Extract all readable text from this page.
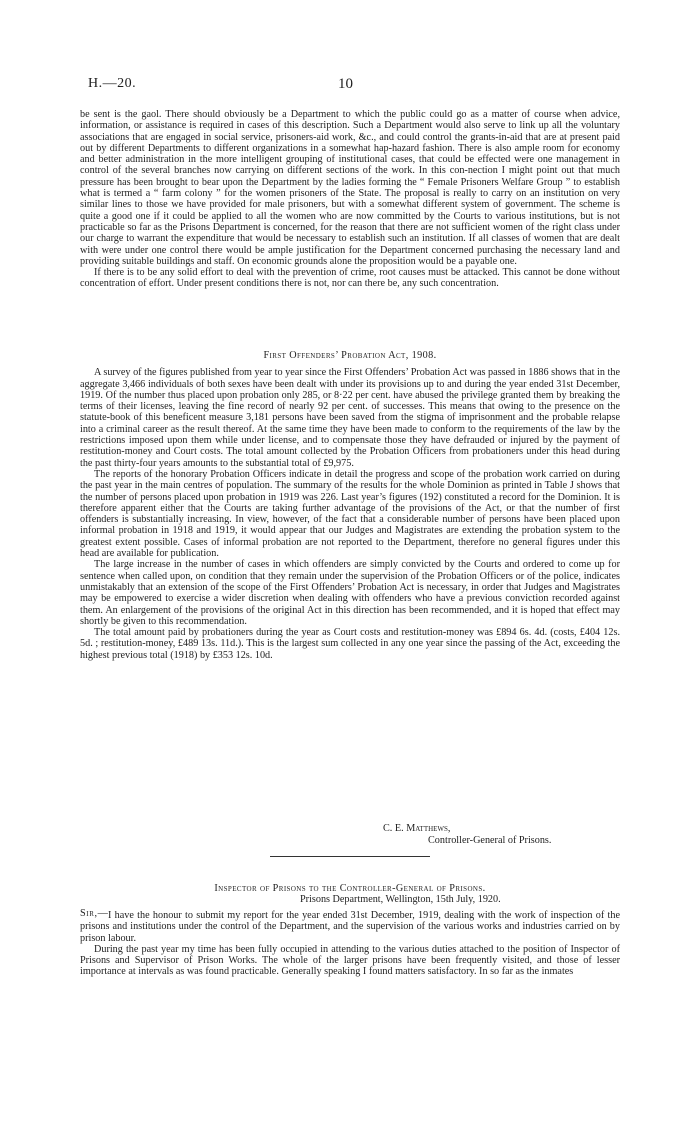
H.—20.	10

be sent is the gaol. There should obviously be a Department to which the public could go as a matter of course when advice, information, or assistance is required in cases of this description. Such a Department would also serve to link up all the voluntary associations that are engaged in social service, prisoners-aid work, &c., and could control the grants-in-aid that are at present paid out by different Departments to different organizations in a somewhat hap-hazard fashion. There is also ample room for economy and better administration in the more intelligent grouping of institutional cases, that could be effected were one management in control of the several branches now carrying on different sections of the work. In this con-nection I might point out that much pressure has been brought to bear upon the Department by the ladies forming the “ Female Prisoners Welfare Group ” to establish what is termed a “ farm colony ” for the women prisoners of the State. The proposal is really to carry on an institution on very similar lines to those we have provided for male prisoners, but with a somewhat different system of government. The scheme is quite a good one if it could be applied to all the women who are now committed by the Courts to various institutions, but is not practicable so far as the Prisons Department is concerned, for the reason that there are not sufficient women of the right class under our charge to warrant the expenditure that would be necessary to establish such an institution. If all classes of women that are dealt with were under one control there would be ample justification for the Department concerned purchasing the necessary land and providing suitable buildings and staff. On economic grounds alone the proposition would be a payable one.

If there is to be any solid effort to deal with the prevention of crime, root causes must be attacked. This cannot be done without concentration of effort. Under present conditions there is not, nor can there be, any such concentration.

First Offenders’ Probation Act, 1908.

A survey of the figures published from year to year since the First Offenders’ Probation Act was passed in 1886 shows that in the aggregate 3,466 individuals of both sexes have been dealt with under its provisions up to and during the year ended 31st December, 1919. Of the number thus placed upon probation only 285, or 8·22 per cent. have abused the privilege granted them by breaking the terms of their licenses, leaving the fine record of nearly 92 per cent. of successes. This means that owing to the presence on the statute-book of this beneficent measure 3,181 persons have been saved from the stigma of imprisonment and the probable relapse into a criminal career as the result thereof. At the same time they have been made to conform to the requirements of the law by the restrictions imposed upon them while under license, and to compensate those they have defrauded or injured by the payment of restitution-money and Court costs. The total amount collected by the Probation Officers from probationers under this head during the past thirty-four years amounts to the substantial total of £9,975.

The reports of the honorary Probation Officers indicate in detail the progress and scope of the probation work carried on during the past year in the main centres of population. The summary of the results for the whole Dominion as printed in Table J shows that the number of persons placed upon probation in 1919 was 226. Last year’s figures (192) constituted a record for the Dominion. It is therefore apparent either that the Courts are taking further advantage of the provisions of the Act, or that the number of first offenders is substantially increasing. In view, however, of the fact that a considerable number of persons have been placed upon informal probation in 1918 and 1919, it would appear that our Judges and Magistrates are extending the probation system to the greatest extent possible. Cases of informal probation are not reported to the Department, therefore no general figures under this head are available for publication.

The large increase in the number of cases in which offenders are simply convicted by the Courts and ordered to come up for sentence when called upon, on condition that they remain under the supervision of the Probation Officers or of the police, indicates unmistakably that an extension of the scope of the First Offenders’ Probation Act is necessary, in order that Judges and Magistrates may be empowered to exercise a wider discretion when dealing with offenders who have a previous conviction recorded against them. An enlargement of the provisions of the original Act in this direction has been recommended, and it is hoped that effect may shortly be given to this recommendation.

The total amount paid by probationers during the year as Court costs and restitution-money was £894 6s. 4d. (costs, £404 12s. 5d. ; restitution-money, £489 13s. 11d.). This is the largest sum collected in any one year since the passing of the Act, exceeding the highest previous total (1918) by £353 12s. 10d.

C. E. Matthews,
Controller-General of Prisons.

Inspector of Prisons to the Controller-General of Prisons.

Sir,—
Prisons Department, Wellington, 15th July, 1920.

I have the honour to submit my report for the year ended 31st December, 1919, dealing with the work of inspection of the prisons and institutions under the control of the Department, and the supervision of the various works and industries carried on by prison labour.

During the past year my time has been fully occupied in attending to the various duties attached to the position of Inspector of Prisons and Supervisor of Prison Works. The whole of the larger prisons have been frequently visited, and those of lesser importance at intervals as was found practicable. Generally speaking I found matters satisfactory. In so far as the inmates
